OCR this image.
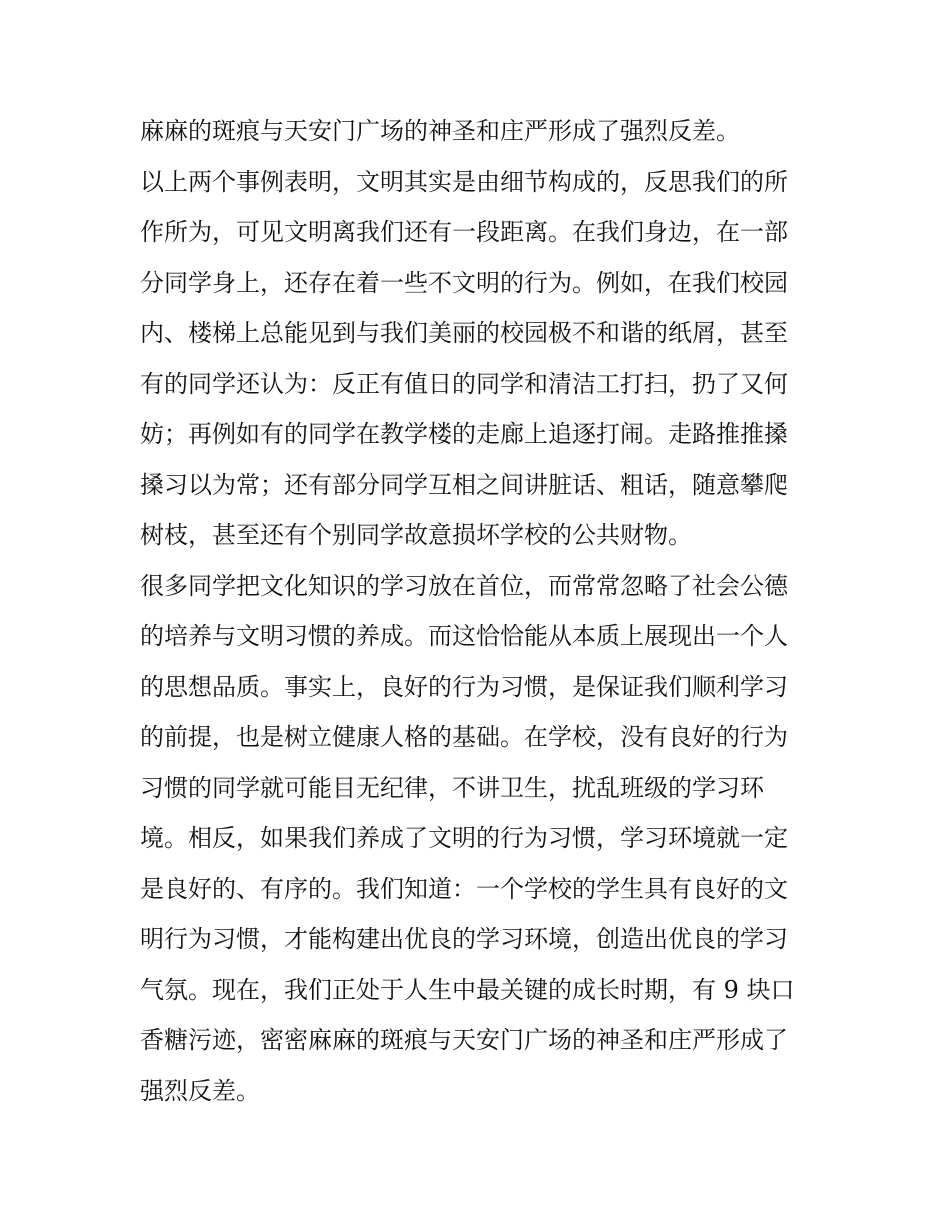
麻麻的斑痕与天安门广场的神圣和庄严形成了强烈反差。
以上两个事例表明，文明其实是由细节构成的，反思我们的所
作所为，可见文明离我们还有一段距离。在我们身边，在一部
分同学身上，还存在着一些不文明的行为。例如，在我们校园
内、楼梯上总能见到与我们美丽的校园极不和谐的纸屑，甚至
有的同学还认为：反正有值日的同学和清洁工打扫，扔了又何
妨；再例如有的同学在教学楼的走廊上追逐打闹。走路推推搡
搡习以为常；还有部分同学互相之间讲脏话、粗话，随意攀爬
树枝，甚至还有个别同学故意损坏学校的公共财物。
很多同学把文化知识的学习放在首位，而常常忽略了社会公德
的培养与文明习惯的养成。而这恰恰能从本质上展现出一个人
的思想品质。事实上，良好的行为习惯，是保证我们顺利学习
的前提，也是树立健康人格的基础。在学校，没有良好的行为
习惯的同学就可能目无纪律，不讲卫生，扰乱班级的学习环
境。相反，如果我们养成了文明的行为习惯，学习环境就一定
是良好的、有序的。我们知道：一个学校的学生具有良好的文
明行为习惯，才能构建出优良的学习环境，创造出优良的学习
气氛。现在，我们正处于人生中最关键的成长时期，有 9 块口
香糖污迹，密密麻麻的斑痕与天安门广场的神圣和庄严形成了
强烈反差。
